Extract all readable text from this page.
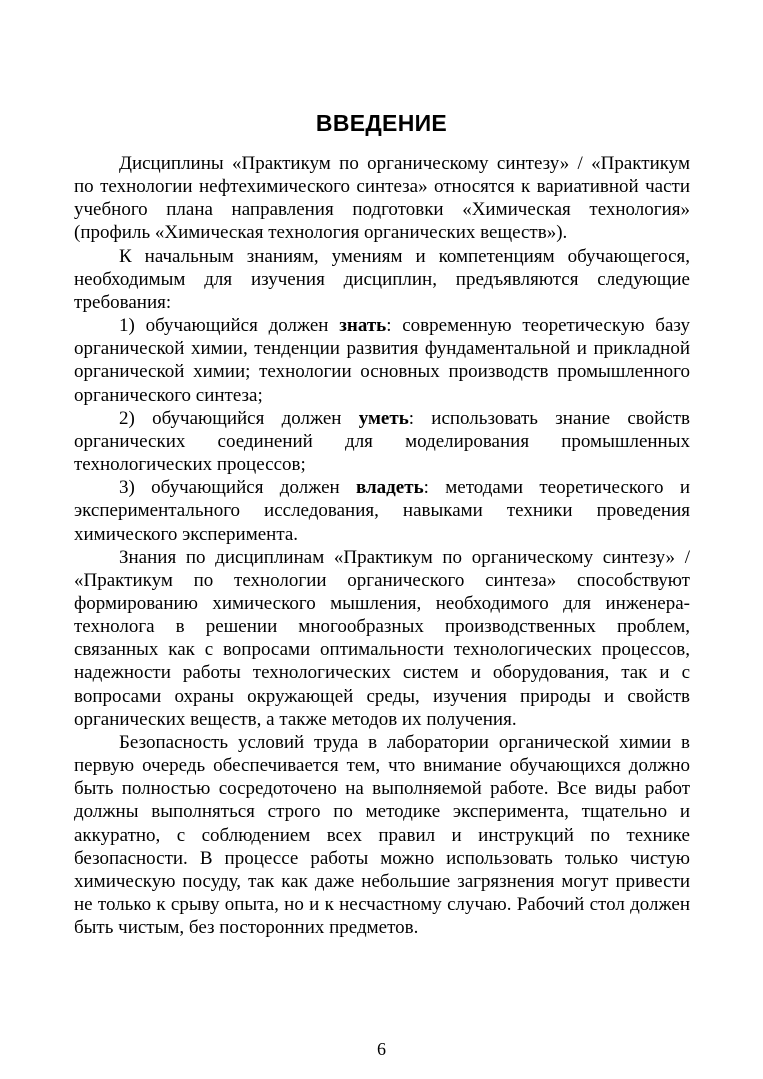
ВВЕДЕНИЕ

Дисциплины «Практикум по органическому синтезу» / «Практикум по технологии нефтехимического синтеза» относятся к вариативной части учебного плана направления подготовки «Химическая технология» (профиль «Химическая технология органических веществ»).

К начальным знаниям, умениям и компетенциям обучающегося, необходимым для изучения дисциплин, предъявляются следующие требования:

1) обучающийся должен знать: современную теоретическую базу органической химии, тенденции развития фундаментальной и прикладной органической химии; технологии основных производств промышленного органического синтеза;

2) обучающийся должен уметь: использовать знание свойств органических соединений для моделирования промышленных технологических процессов;

3) обучающийся должен владеть: методами теоретического и экспериментального исследования, навыками техники проведения химического эксперимента.

Знания по дисциплинам «Практикум по органическому синтезу» / «Практикум по технологии органического синтеза» способствуют формированию химического мышления, необходимого для инженера-технолога в решении многообразных производственных проблем, связанных как с вопросами оптимальности технологических процессов, надежности работы технологических систем и оборудования, так и с вопросами охраны окружающей среды, изучения природы и свойств органических веществ, а также методов их получения.

Безопасность условий труда в лаборатории органической химии в первую очередь обеспечивается тем, что внимание обучающихся должно быть полностью сосредоточено на выполняемой работе. Все виды работ должны выполняться строго по методике эксперимента, тщательно и аккуратно, с соблюдением всех правил и инструкций по технике безопасности. В процессе работы можно использовать только чистую химическую посуду, так как даже небольшие загрязнения могут привести не только к срыву опыта, но и к несчастному случаю. Рабочий стол должен быть чистым, без посторонних предметов.

6
